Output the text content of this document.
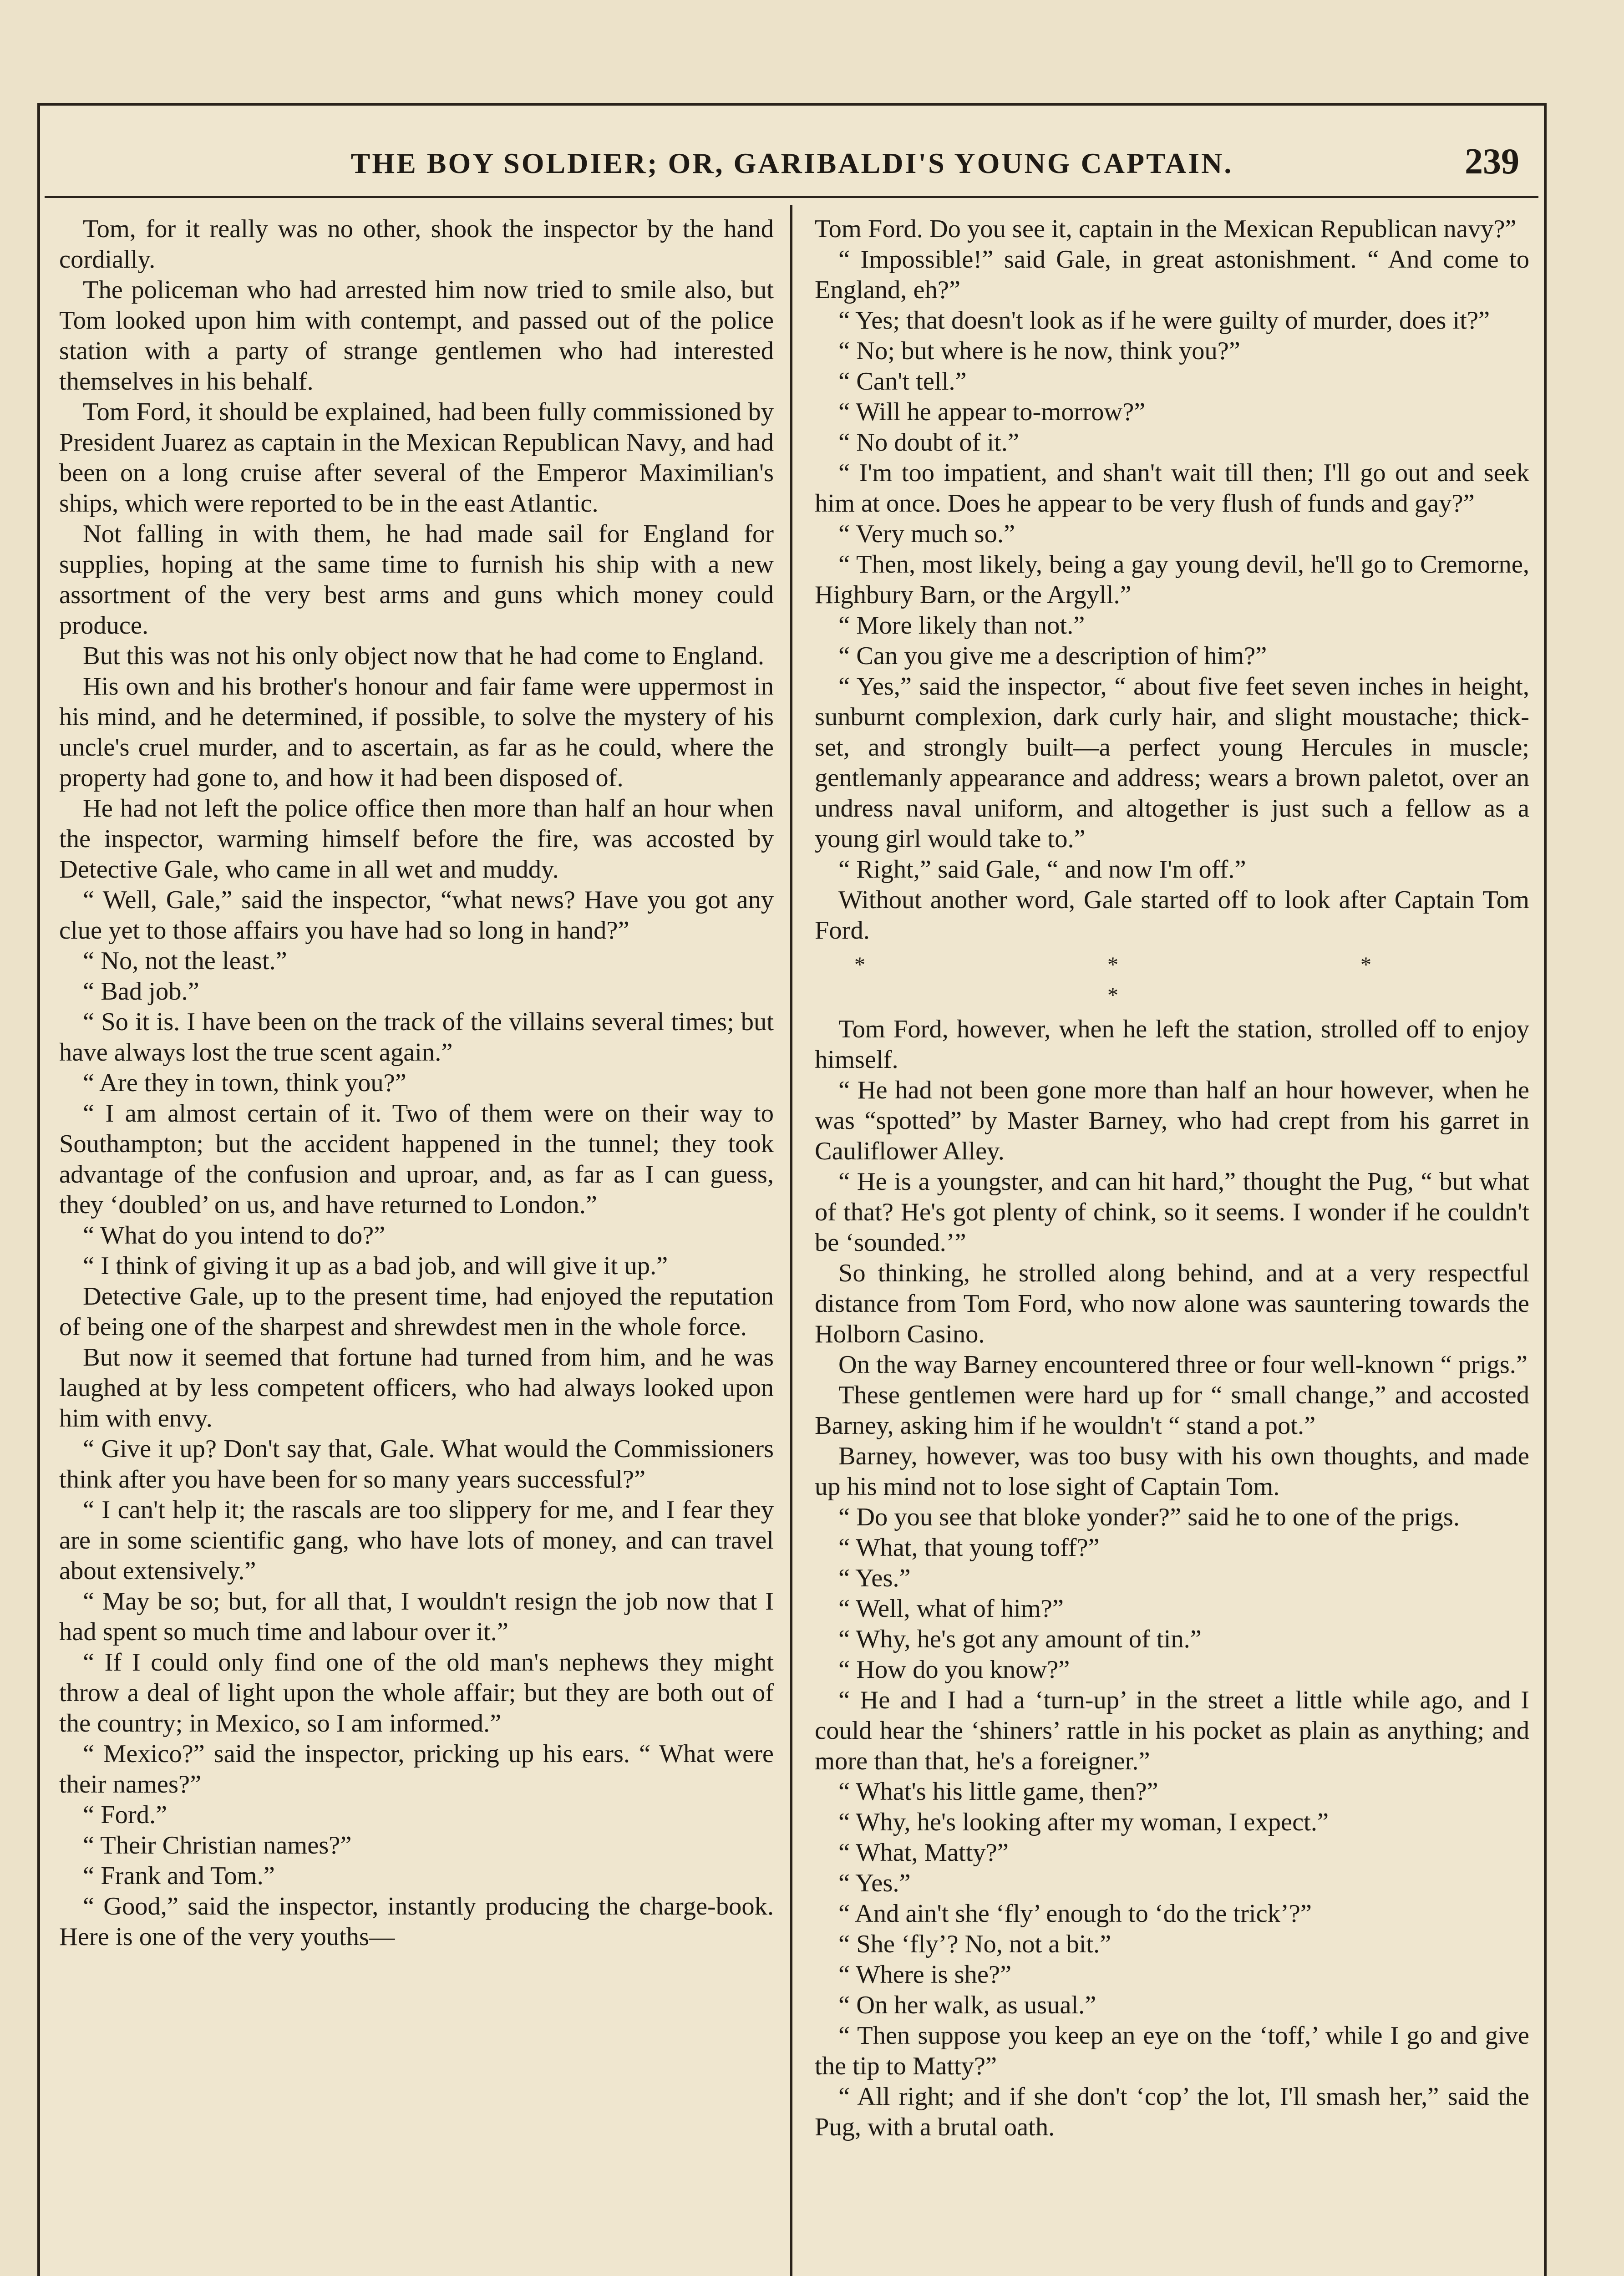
THE BOY SOLDIER; OR, GARIBALDI'S YOUNG CAPTAIN.	239

Tom, for it really was no other, shook the inspector by the hand cordially.

The policeman who had arrested him now tried to smile also, but Tom looked upon him with contempt, and passed out of the police station with a party of strange gentlemen who had interested themselves in his behalf.

Tom Ford, it should be explained, had been fully commissioned by President Juarez as captain in the Mexican Republican Navy, and had been on a long cruise after several of the Emperor Maximilian's ships, which were reported to be in the east Atlantic.

Not falling in with them, he had made sail for England for supplies, hoping at the same time to furnish his ship with a new assortment of the very best arms and guns which money could produce.

But this was not his only object now that he had come to England.

His own and his brother's honour and fair fame were uppermost in his mind, and he determined, if possible, to solve the mystery of his uncle's cruel murder, and to ascertain, as far as he could, where the property had gone to, and how it had been disposed of.

He had not left the police office then more than half an hour when the inspector, warming himself before the fire, was accosted by Detective Gale, who came in all wet and muddy.

“ Well, Gale,” said the inspector, “what news? Have you got any clue yet to those affairs you have had so long in hand?”

“ No, not the least.”

“ Bad job.”

“ So it is. I have been on the track of the villains several times; but have always lost the true scent again.”

“ Are they in town, think you?”

“ I am almost certain of it. Two of them were on their way to Southampton; but the accident happened in the tunnel; they took advantage of the confusion and uproar, and, as far as I can guess, they ‘doubled’ on us, and have returned to London.”

“ What do you intend to do?”

“ I think of giving it up as a bad job, and will give it up.”

Detective Gale, up to the present time, had enjoyed the reputation of being one of the sharpest and shrewdest men in the whole force.

But now it seemed that fortune had turned from him, and he was laughed at by less competent officers, who had always looked upon him with envy.

“ Give it up? Don't say that, Gale. What would the Commissioners think after you have been for so many years successful?”

“ I can't help it; the rascals are too slippery for me, and I fear they are in some scientific gang, who have lots of money, and can travel about extensively.”

“ May be so; but, for all that, I wouldn't resign the job now that I had spent so much time and labour over it.”

“ If I could only find one of the old man's nephews they might throw a deal of light upon the whole affair; but they are both out of the country; in Mexico, so I am informed.”

“ Mexico?” said the inspector, pricking up his ears. “ What were their names?”

“ Ford.”

“ Their Christian names?”

“ Frank and Tom.”

“ Good,” said the inspector, instantly producing the charge-book. Here is one of the very youths—

Tom Ford. Do you see it, captain in the Mexican Republican navy?”

“ Impossible!” said Gale, in great astonishment. “ And come to England, eh?”

“ Yes; that doesn't look as if he were guilty of murder, does it?”

“ No; but where is he now, think you?”

“ Can't tell.”

“ Will he appear to-morrow?”

“ No doubt of it.”

“ I'm too impatient, and shan't wait till then; I'll go out and seek him at once. Does he appear to be very flush of funds and gay?”

“ Very much so.”

“ Then, most likely, being a gay young devil, he'll go to Cremorne, Highbury Barn, or the Argyll.”

“ More likely than not.”

“ Can you give me a description of him?”

“ Yes,” said the inspector, “ about five feet seven inches in height, sunburnt complexion, dark curly hair, and slight moustache; thick-set, and strongly built—a perfect young Hercules in muscle; gentlemanly appearance and address; wears a brown paletot, over an undress naval uniform, and altogether is just such a fellow as a young girl would take to.”

“ Right,” said Gale, “ and now I'm off.”

Without another word, Gale started off to look after Captain Tom Ford.

* * * *

Tom Ford, however, when he left the station, strolled off to enjoy himself.

“ He had not been gone more than half an hour however, when he was “spotted” by Master Barney, who had crept from his garret in Cauliflower Alley.

“ He is a youngster, and can hit hard,” thought the Pug, “ but what of that? He's got plenty of chink, so it seems. I wonder if he couldn't be ‘sounded.’”

So thinking, he strolled along behind, and at a very respectful distance from Tom Ford, who now alone was sauntering towards the Holborn Casino.

On the way Barney encountered three or four well-known “ prigs.”

These gentlemen were hard up for “ small change,” and accosted Barney, asking him if he wouldn't “ stand a pot.”

Barney, however, was too busy with his own thoughts, and made up his mind not to lose sight of Captain Tom.

“ Do you see that bloke yonder?” said he to one of the prigs.

“ What, that young toff?”

“ Yes.”

“ Well, what of him?”

“ Why, he's got any amount of tin.”

“ How do you know?”

“ He and I had a ‘turn-up’ in the street a little while ago, and I could hear the ‘shiners’ rattle in his pocket as plain as anything; and more than that, he's a foreigner.”

“ What's his little game, then?”

“ Why, he's looking after my woman, I expect.”

“ What, Matty?”

“ Yes.”

“ And ain't she ‘fly’ enough to ‘do the trick’?”

“ She ‘fly’? No, not a bit.”

“ Where is she?”

“ On her walk, as usual.”

“ Then suppose you keep an eye on the ‘toff,’ while I go and give the tip to Matty?”

“ All right; and if she don't ‘cop’ the lot, I'll smash her,” said the Pug, with a brutal oath.
